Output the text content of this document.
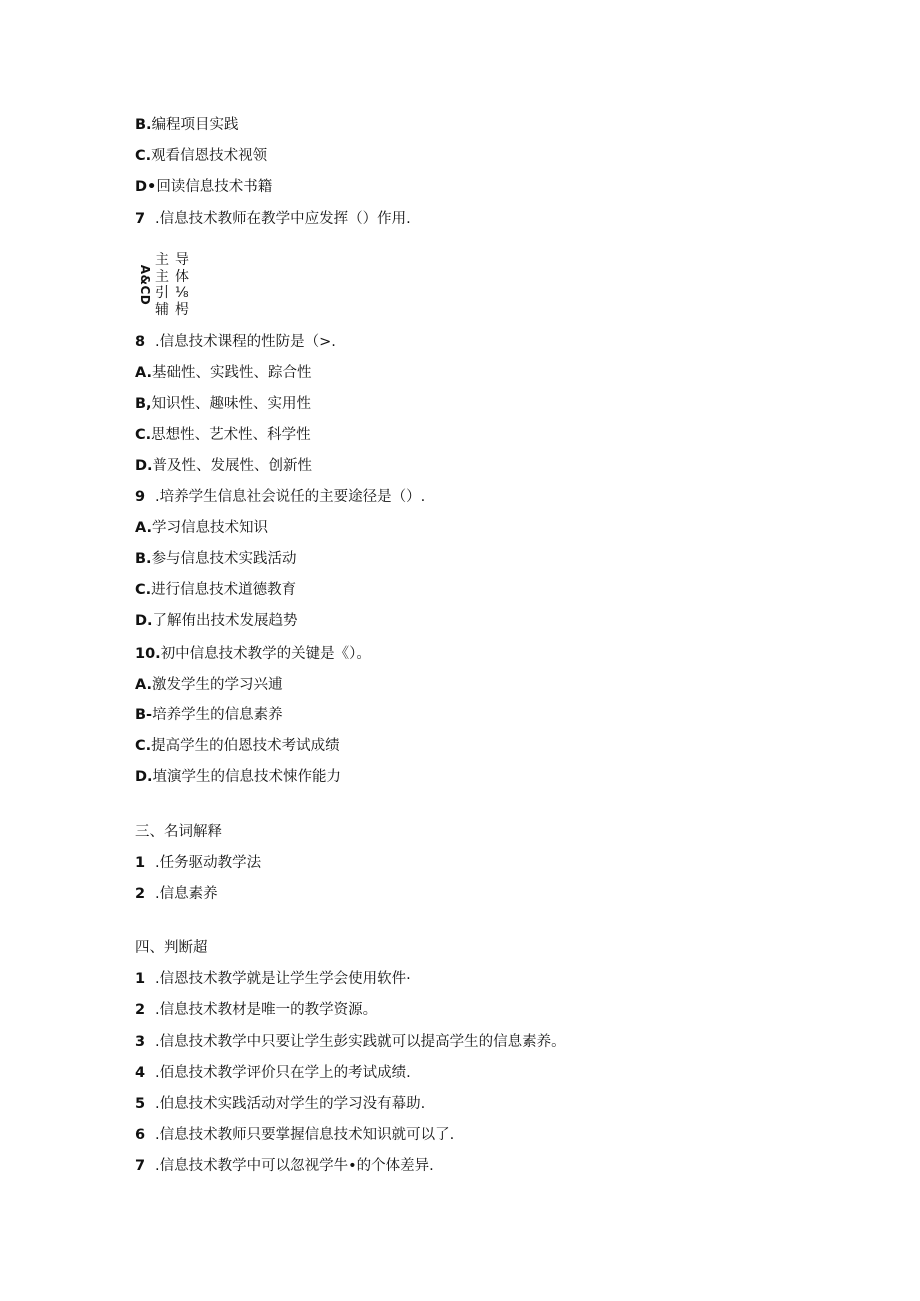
B.编程项目实践
C.观看信恩技术视领
D•回读信息技术书籍
7 .信息技术教师在教学中应发挥（）作用.
A&CD
主
主
引
辅
导
体
⅛
枵
8 .信息技术课程的性防是（>.
A.基础性、实践性、踪合性
B,知识性、趣味性、实用性
C.思想性、艺术性、科学性
D.普及性、发展性、创新性
9 .培养学生信息社会说任的主要途径是（）.
A.学习信息技术知识
B.参与信息技术实践活动
C.进行信息技术道德教育
D.了解侑出技术发展趋势
10.初中信息技术教学的关键是《）。
A.激发学生的学习兴逋
B-培养学生的信息素养
C.提高学生的伯恩技术考试成绩
D.埴演学生的信息技术悚作能力
三、名词解释
1 .任务驱动教学法
2 .信息素养
四、判断超
1 .信恩技术教学就是让学生学会使用软件·
2 .信息技术教材是唯一的教学资源。
3 .信息技术教学中只要让学生彭实践就可以提高学生的信息素养。
4 .佰息技术教学评价只在学上的考试成绩.
5 .伯息技术实践活动对学生的学习没有幕助.
6 .信息技术教师只要掌握信息技术知识就可以了.
7 .信息技术教学中可以忽视学牛•的个体差异.
